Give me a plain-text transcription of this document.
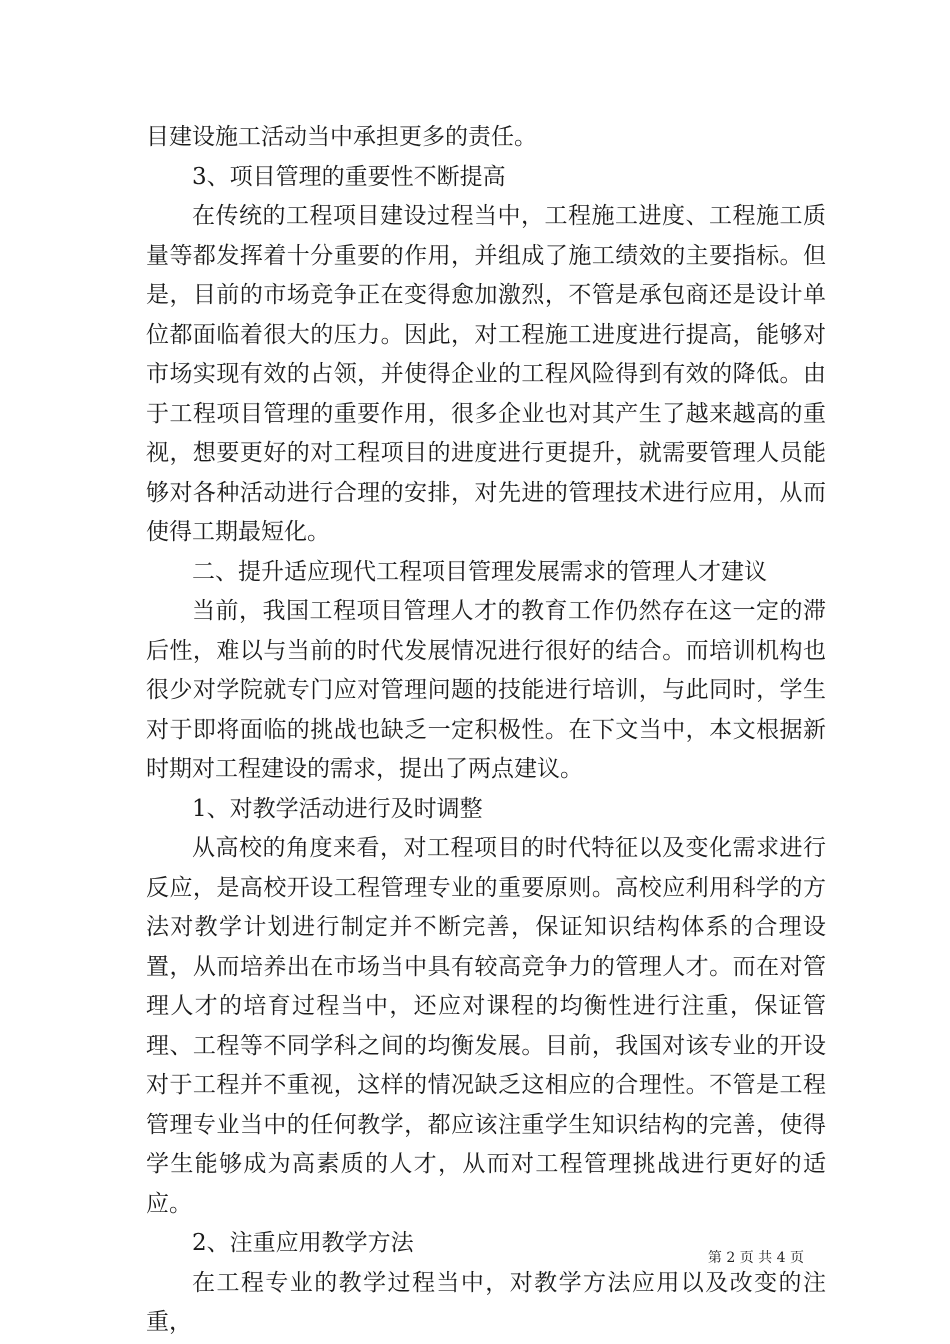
目建设施工活动当中承担更多的责任。

3、项目管理的重要性不断提高

在传统的工程项目建设过程当中，工程施工进度、工程施工质量等都发挥着十分重要的作用，并组成了施工绩效的主要指标。但是，目前的市场竞争正在变得愈加激烈，不管是承包商还是设计单位都面临着很大的压力。因此，对工程施工进度进行提高，能够对市场实现有效的占领，并使得企业的工程风险得到有效的降低。由于工程项目管理的重要作用，很多企业也对其产生了越来越高的重视，想要更好的对工程项目的进度进行更提升，就需要管理人员能够对各种活动进行合理的安排，对先进的管理技术进行应用，从而使得工期最短化。

二、提升适应现代工程项目管理发展需求的管理人才建议

当前，我国工程项目管理人才的教育工作仍然存在这一定的滞后性，难以与当前的时代发展情况进行很好的结合。而培训机构也很少对学院就专门应对管理问题的技能进行培训，与此同时，学生对于即将面临的挑战也缺乏一定积极性。在下文当中，本文根据新时期对工程建设的需求，提出了两点建议。

1、对教学活动进行及时调整

从高校的角度来看，对工程项目的时代特征以及变化需求进行反应，是高校开设工程管理专业的重要原则。高校应利用科学的方法对教学计划进行制定并不断完善，保证知识结构体系的合理设置，从而培养出在市场当中具有较高竞争力的管理人才。而在对管理人才的培育过程当中，还应对课程的均衡性进行注重，保证管理、工程等不同学科之间的均衡发展。目前，我国对该专业的开设对于工程并不重视，这样的情况缺乏这相应的合理性。不管是工程管理专业当中的任何教学，都应该注重学生知识结构的完善，使得学生能够成为高素质的人才，从而对工程管理挑战进行更好的适应。

2、注重应用教学方法

在工程专业的教学过程当中，对教学方法应用以及改变的注重，

第 2 页 共 4 页
